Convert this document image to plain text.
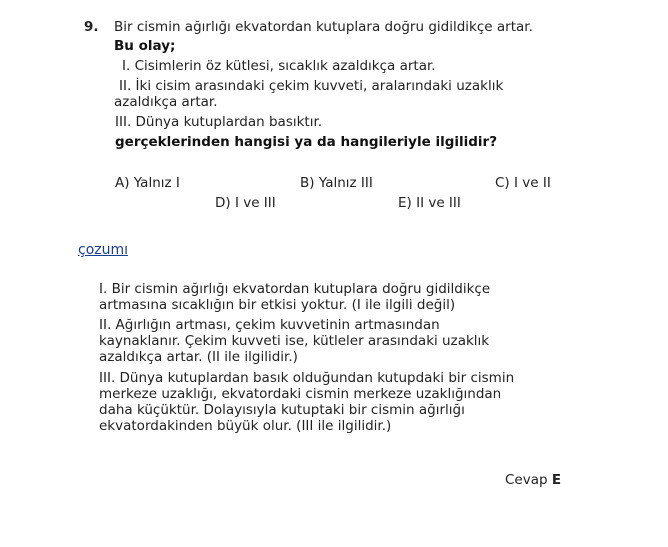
9. Bir cismin ağırlığı ekvatordan kutuplara doğru gidildikçe artar.
Bu olay;
I. Cisimlerin öz kütlesi, sıcaklık azaldıkça artar.
II. İki cisim arasındaki çekim kuvveti, aralarındaki uzaklık
azaldıkça artar.
III. Dünya kutuplardan basıktır.
gerçeklerinden hangisi ya da hangileriyle ilgilidir?
A) Yalnız I	B) Yalnız III	C) I ve II
D) I ve III	E) II ve III
çozumı
I. Bir cismin ağırlığı ekvatordan kutuplara doğru gidildikçe
artmasına sıcaklığın bir etkisi yoktur. (I ile ilgili değil)
II. Ağırlığın artması, çekim kuvvetinin artmasından
kaynaklanır. Çekim kuvveti ise, kütleler arasındaki uzaklık
azaldıkça artar. (II ile ilgilidir.)
III. Dünya kutuplardan basık olduğundan kutupdaki bir cismin
merkeze uzaklığı, ekvatordaki cismin merkeze uzaklığından
daha küçüktür. Dolayısıyla kutuptaki bir cismin ağırlığı
ekvatordakinden büyük olur. (III ile ilgilidir.)
Cevap E
